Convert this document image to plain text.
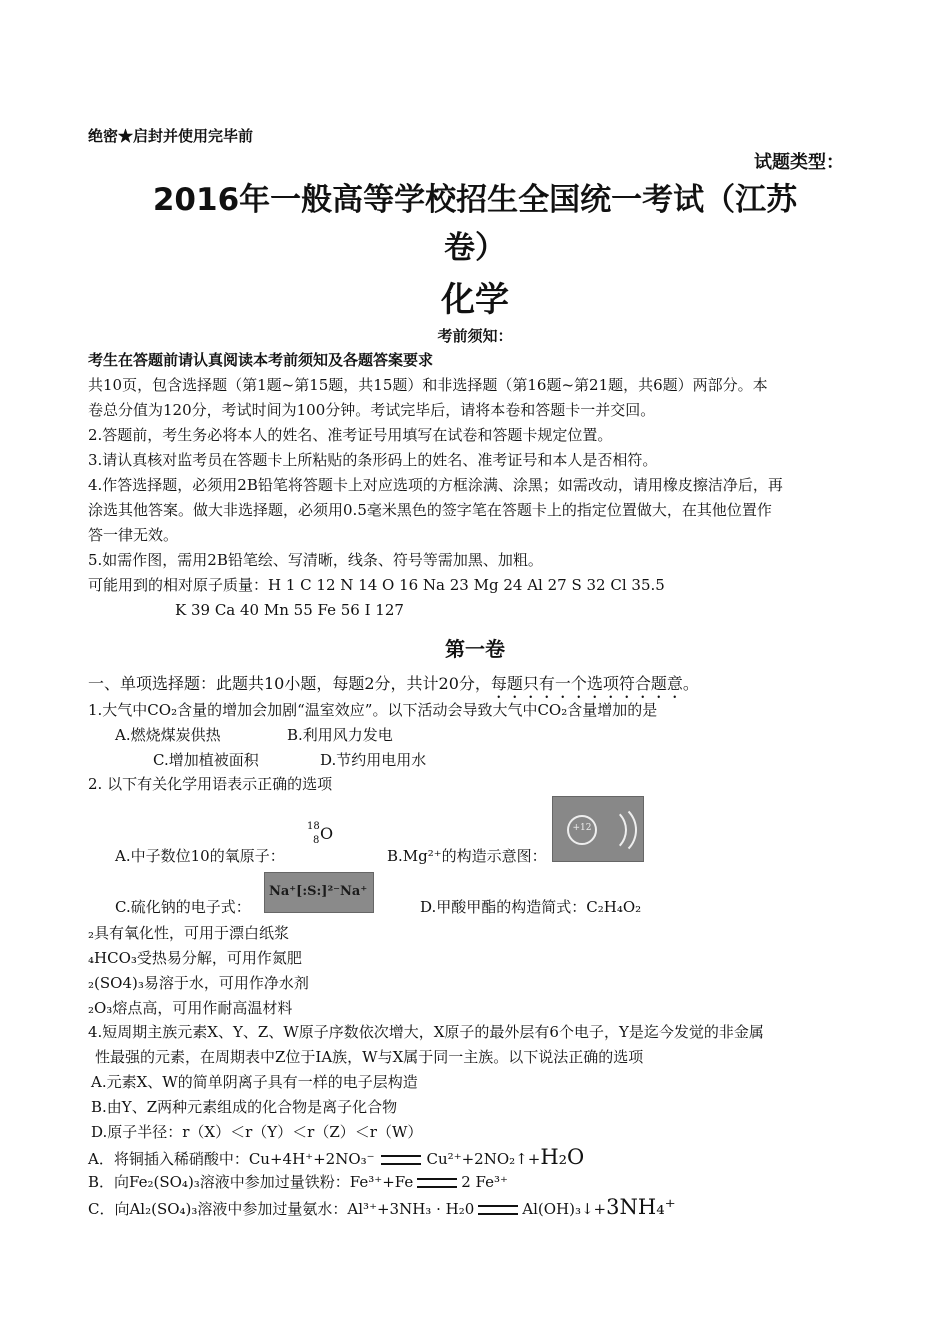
绝密★启封并使用完毕前
试题类型：
2016年一般高等学校招生全国统一考试（江苏
卷）
化学
考前须知：
考生在答题前请认真阅读本考前须知及各题答案要求
共10页，包含选择题（第1题~第15题，共15题）和非选择题（第16题~第21题，共6题）两部分。本
卷总分值为120分，考试时间为100分钟。考试完毕后，请将本卷和答题卡一并交回。
2.答题前，考生务必将本人的姓名、准考证号用填写在试卷和答题卡规定位置。
3.请认真核对监考员在答题卡上所粘贴的条形码上的姓名、准考证号和本人是否相符。
4.作答选择题，必须用2B铅笔将答题卡上对应选项的方框涂满、涂黑；如需改动，请用橡皮擦洁净后，再
涂选其他答案。做大非选择题，必须用0.5毫米黑色的签字笔在答题卡上的指定位置做大，在其他位置作
答一律无效。
5.如需作图，需用2B铅笔绘、写清晰，线条、符号等需加黑、加粗。
可能用到的相对原子质量：H 1 C 12 N 14 O 16 Na 23 Mg 24 Al 27 S 32 Cl 35.5
K 39 Ca 40 Mn 55 Fe 56 I 127
第一卷
一、单项选择题：此题共10小题，每题2分，共计20分，每题只有一个选项符合题意。
1.大气中CO₂含量的增加会加剧“温室效应”。以下活动会导致大气中CO₂含量增加的是
A.燃烧煤炭供热	B.利用风力发电
C.增加植被面积	D.节约用电用水
2. 以下有关化学用语表示正确的选项
18
8 O
A.中子数位10的氧原子：	B.Mg²⁺的构造示意图：
+12
C.硫化钠的电子式：
Na⁺[:S:]²⁻Na⁺
D.甲酸甲酯的构造简式：C₂H₄O₂
₂具有氧化性，可用于漂白纸浆
₄HCO₃受热易分解，可用作氮肥
₂(SO4)₃易溶于水，可用作净水剂
₂O₃熔点高，可用作耐高温材料
4.短周期主族元素X、Y、Z、W原子序数依次增大，X原子的最外层有6个电子，Y是迄今发觉的非金属
性最强的元素，在周期表中Z位于IA族，W与X属于同一主族。以下说法正确的选项
A.元素X、W的简单阴离子具有一样的电子层构造
B.由Y、Z两种元素组成的化合物是离子化合物
D.原子半径：r（X）＜r（Y）＜r（Z）＜r（W）
A．将铜插入稀硝酸中：Cu+4H⁺+2NO₃⁻	Cu²⁺+2NO₂↑+H₂O
B．向Fe₂(SO₄)₃溶液中参加过量铁粉：Fe³⁺+Fe	2 Fe³⁺
C．向Al₂(SO₄)₃溶液中参加过量氨水：Al³⁺+3NH₃ · H₂0	Al(OH)₃↓+3NH₄⁺
